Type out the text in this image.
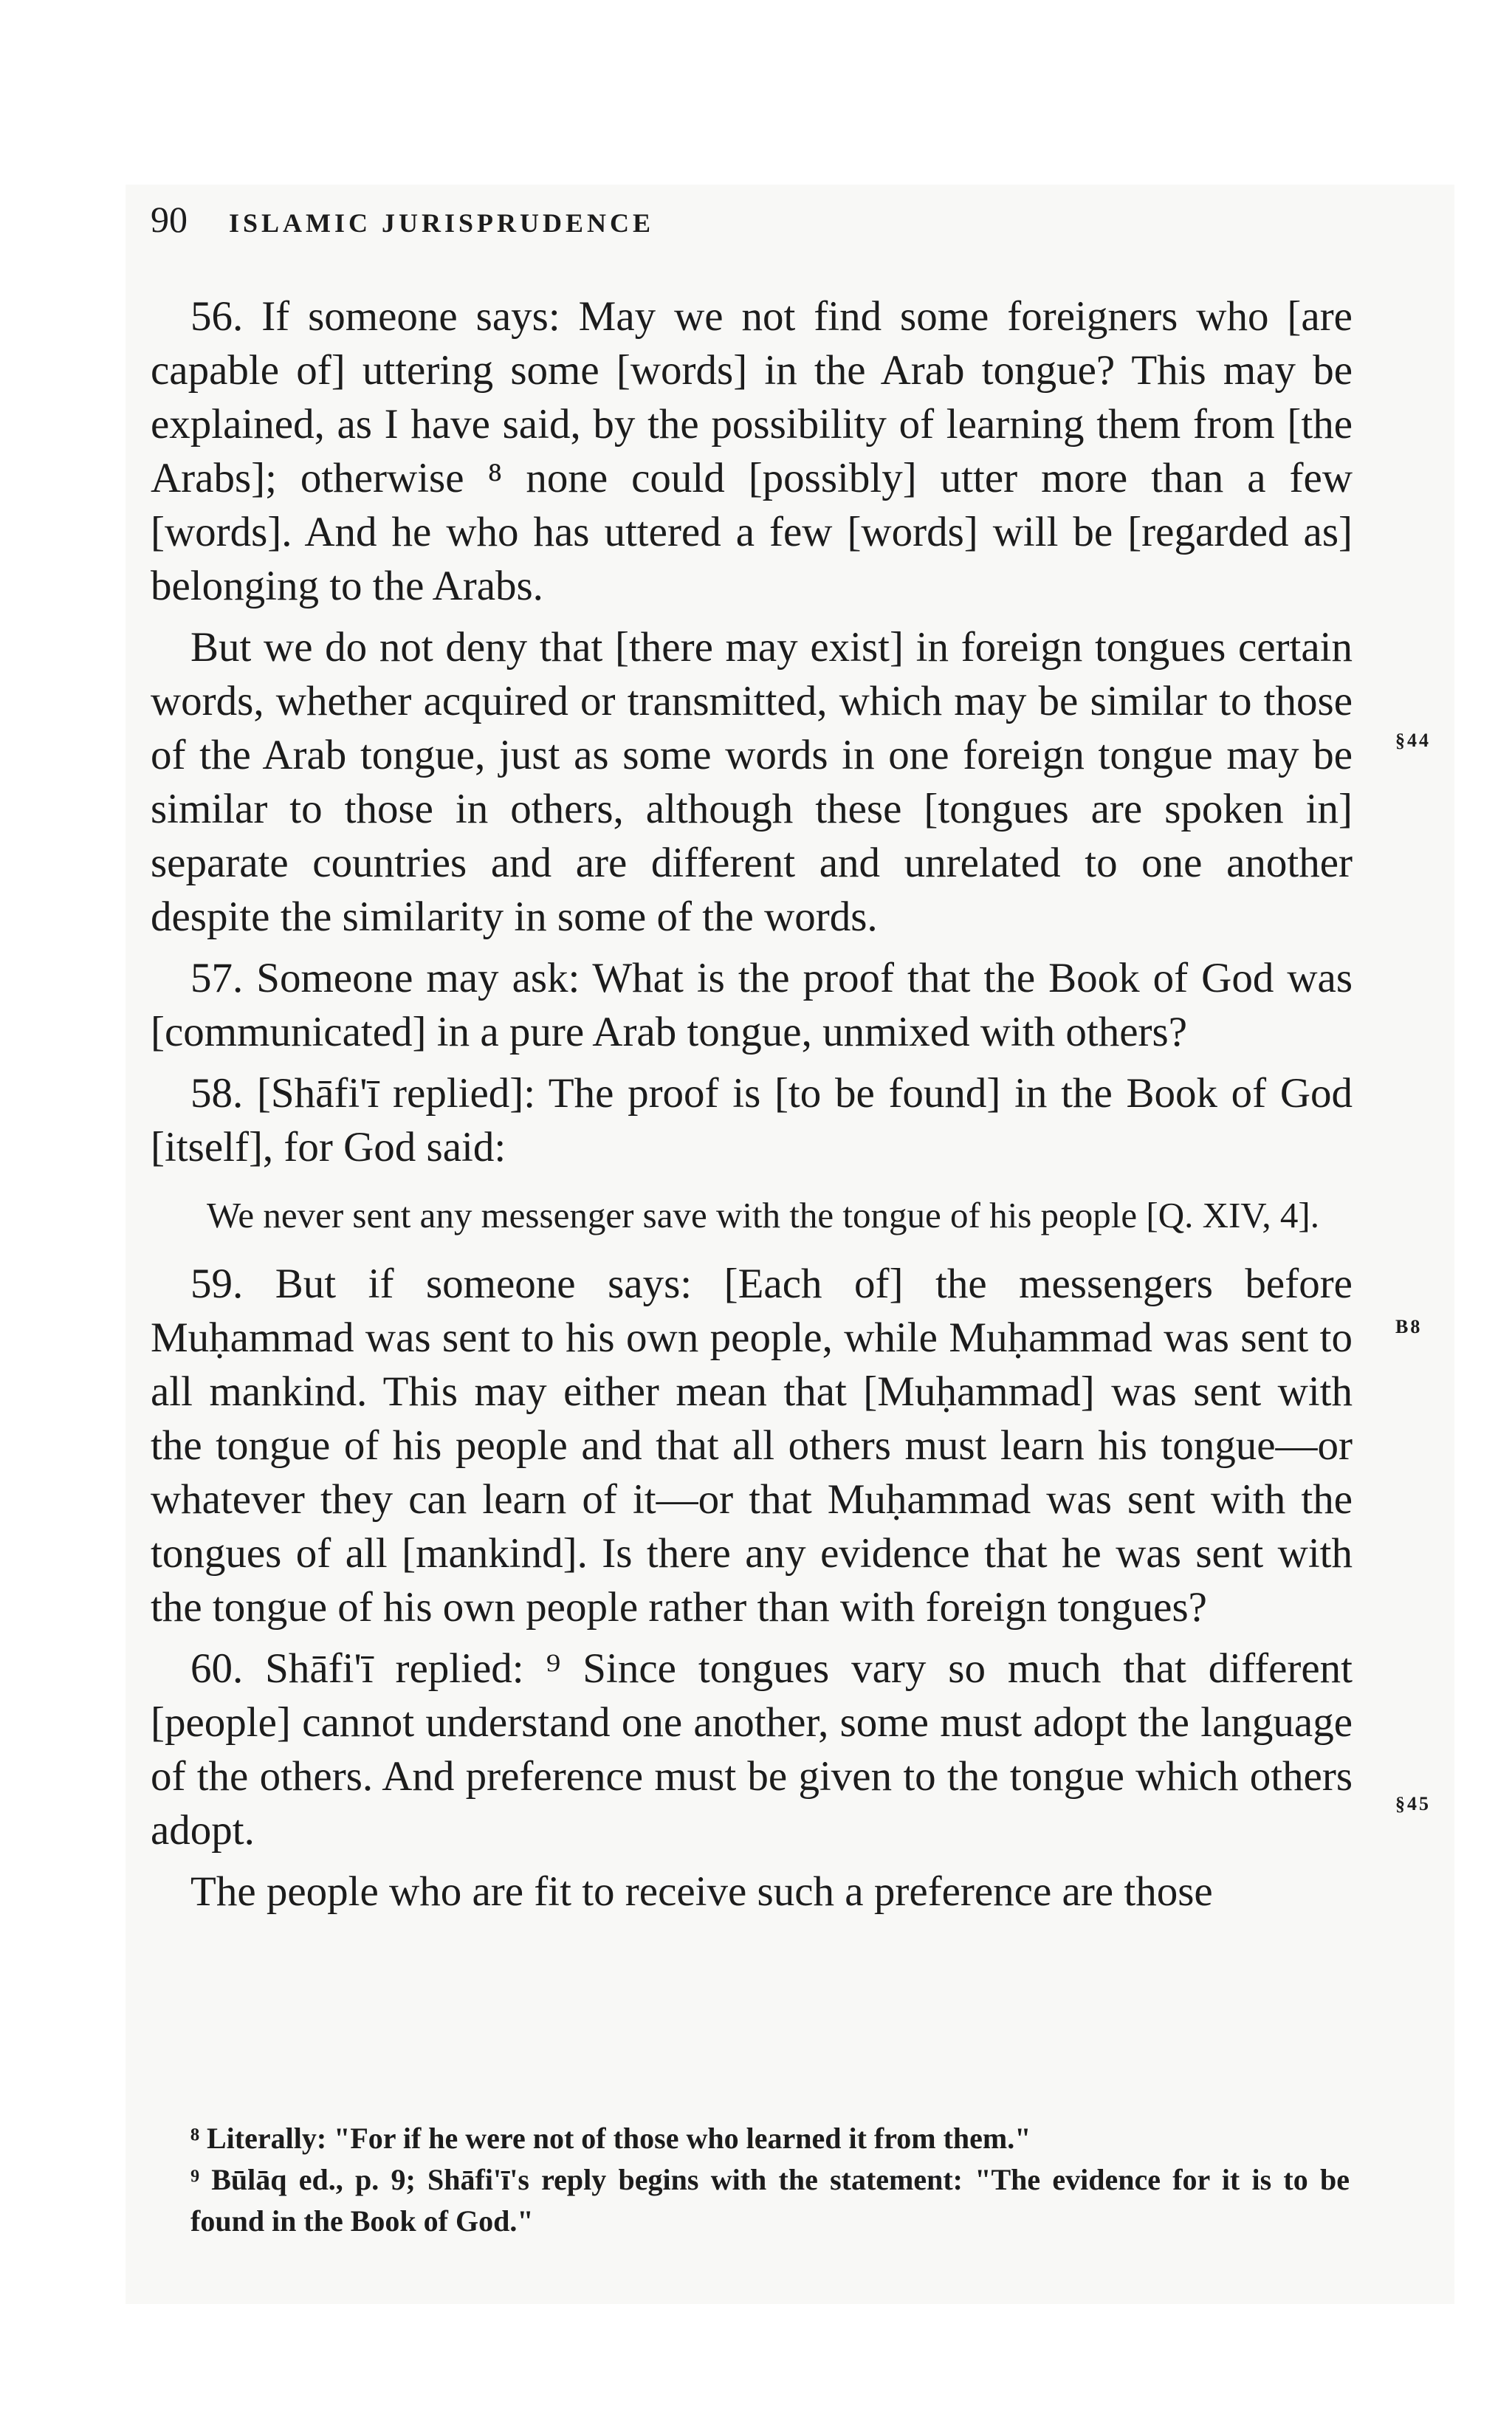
90	ISLAMIC JURISPRUDENCE

56. If someone says: May we not find some foreigners who [are capable of] uttering some [words] in the Arab tongue? This may be explained, as I have said, by the possibility of learning them from [the Arabs]; otherwise ⁸ none could [possibly] utter more than a few [words]. And he who has uttered a few [words] will be [regarded as] belonging to the Arabs.

But we do not deny that [there may exist] in foreign tongues certain words, whether acquired or transmitted, which may be similar to those of the Arab tongue, just as some words in one foreign tongue may be similar to those in others, although these [tongues are spoken in] separate countries and are different and unrelated to one another despite the similarity in some of the words.

57. Someone may ask: What is the proof that the Book of God was [communicated] in a pure Arab tongue, unmixed with others?

58. [Shāfi'ī replied]: The proof is [to be found] in the Book of God [itself], for God said:

We never sent any messenger save with the tongue of his people [Q. XIV, 4].

59. But if someone says: [Each of] the messengers before Muḥammad was sent to his own people, while Muḥammad was sent to all mankind. This may either mean that [Muḥammad] was sent with the tongue of his people and that all others must learn his tongue—or whatever they can learn of it—or that Muḥammad was sent with the tongues of all [mankind]. Is there any evidence that he was sent with the tongue of his own people rather than with foreign tongues?

60. Shāfi'ī replied: ⁹ Since tongues vary so much that different [people] cannot understand one another, some must adopt the language of the others. And preference must be given to the tongue which others adopt.

The people who are fit to receive such a preference are those

⁸ Literally: "For if he were not of those who learned it from them."

⁹ Būlāq ed., p. 9; Shāfi'ī's reply begins with the statement: "The evidence for it is to be found in the Book of God."

§44
B8
§45
